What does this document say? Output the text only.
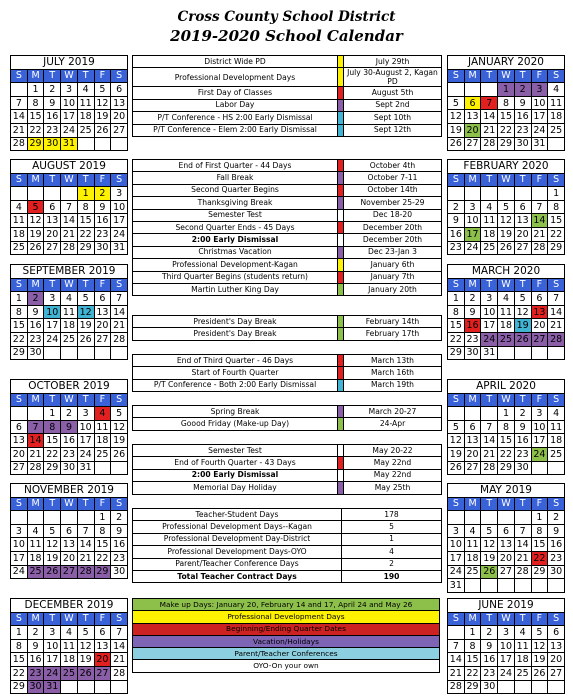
Cross County School District
2019-2020 School Calendar
JULY 2019						
S	M	T	W	T	F	S
	1	2	3	4	5	6
7	8	9	10	11	12	13
14	15	16	17	18	19	20
21	22	23	24	25	26	27
28	29	30	31			
AUGUST 2019						
S	M	T	W	T	F	S
				1	2	3
4	5	6	7	8	9	10
11	12	13	14	15	16	17
18	19	20	21	22	23	24
25	26	27	28	29	30	31
SEPTEMBER 2019						
S	M	T	W	T	F	S
1	2	3	4	5	6	7
8	9	10	11	12	13	14
15	16	17	18	19	20	21
22	23	24	25	26	27	28
29	30					
OCTOBER 2019						
S	M	T	W	T	F	S
		1	2	3	4	5
6	7	8	9	10	11	12
13	14	15	16	17	18	19
20	21	22	23	24	25	26
27	28	29	30	31		
NOVEMBER 2019						
S	M	T	W	T	F	S
					1	2
3	4	5	6	7	8	9
10	11	12	13	14	15	16
17	18	19	20	21	22	23
24	25	26	27	28	29	30
DECEMBER 2019						
S	M	T	W	T	F	S
1	2	3	4	5	6	7
8	9	10	11	12	13	14
15	16	17	18	19	20	21
22	23	24	25	26	27	28
29	30	31				
JANUARY 2020						
S	M	T	W	T	F	S
			1	2	3	4
5	6	7	8	9	10	11
12	13	14	15	16	17	18
19	20	21	22	23	24	25
26	27	28	29	30	31	
FEBRUARY 2020						
S	M	T	W	T	F	S
						1
2	3	4	5	6	7	8
9	10	11	12	13	14	15
16	17	18	19	20	21	22
23	24	25	26	27	28	29
MARCH 2020						
S	M	T	W	T	F	S
1	2	3	4	5	6	7
8	9	10	11	12	13	14
15	16	17	18	19	20	21
22	23	24	25	26	27	28
29	30	31				
APRIL 2020						
S	M	T	W	T	F	S
			1	2	3	4
5	6	7	8	9	10	11
12	13	14	15	16	17	18
19	20	21	22	23	24	25
26	27	28	29	30		
MAY 2019						
S	M	T	W	T	F	S
					1	2
3	4	5	6	7	8	9
10	11	12	13	14	15	16
17	18	19	20	21	22	23
24	25	26	27	28	29	30
31						
JUNE 2019						
S	M	T	W	T	F	S
	1	2	3	4	5	6
7	8	9	10	11	12	13
14	15	16	17	18	19	20
21	22	23	24	25	26	27
28	29	30				
District Wide PD		July 29th
Professional Development Days		July 30-August 2, Kagan PD
First Day of Classes		August 5th
Labor Day		Sept 2nd
P/T Conference - HS 2:00 Early Dismissal		Sept 10th
P/T Conference - Elem 2:00 Early Dismissal		Sept 12th
End of First Quarter - 44 Days		October 4th
Fall Break		October 7-11
Second Quarter Begins		October 14th
Thanksgiving Break		November 25-29
Semester Test		Dec 18-20
Second Quarter Ends - 45 Days		December 20th
2:00 Early Dismissal		December 20th
Christmas Vacation		Dec 23-Jan 3
Professional Development-Kagan		January 6th
Third Quarter Begins (students return)		January 7th
Martin Luther King Day		January 20th
President's Day Break		February 14th
President's Day Break		February 17th
End of Third Quarter - 46 Days		March 13th
Start of Fourth Quarter		March 16th
P/T Conference - Both 2:00 Early Dismissal		March 19th
Spring Break		March 20-27
Goood Friday (Make-up Day)		24-Apr
Semester Test		May 20-22
End of Fourth Quarter - 43 Days		May 22nd
2:00 Early Dismissal		May 22nd
Memorial Day Holiday		May 25th
Teacher-Student Days	178
Professional Development Days--Kagan	5
Professional Development Day-District	1
Professional Development Days-OYO	4
Parent/Teacher Conference Days	2
Total Teacher Contract Days	190
Make up Days: January 20, February 14 and 17, April 24 and May 26
Professional Development Days
Beginning/Ending Quarter Dates
Vacation/Holidays
Parent/Teacher Conferences
OYO-On your own
